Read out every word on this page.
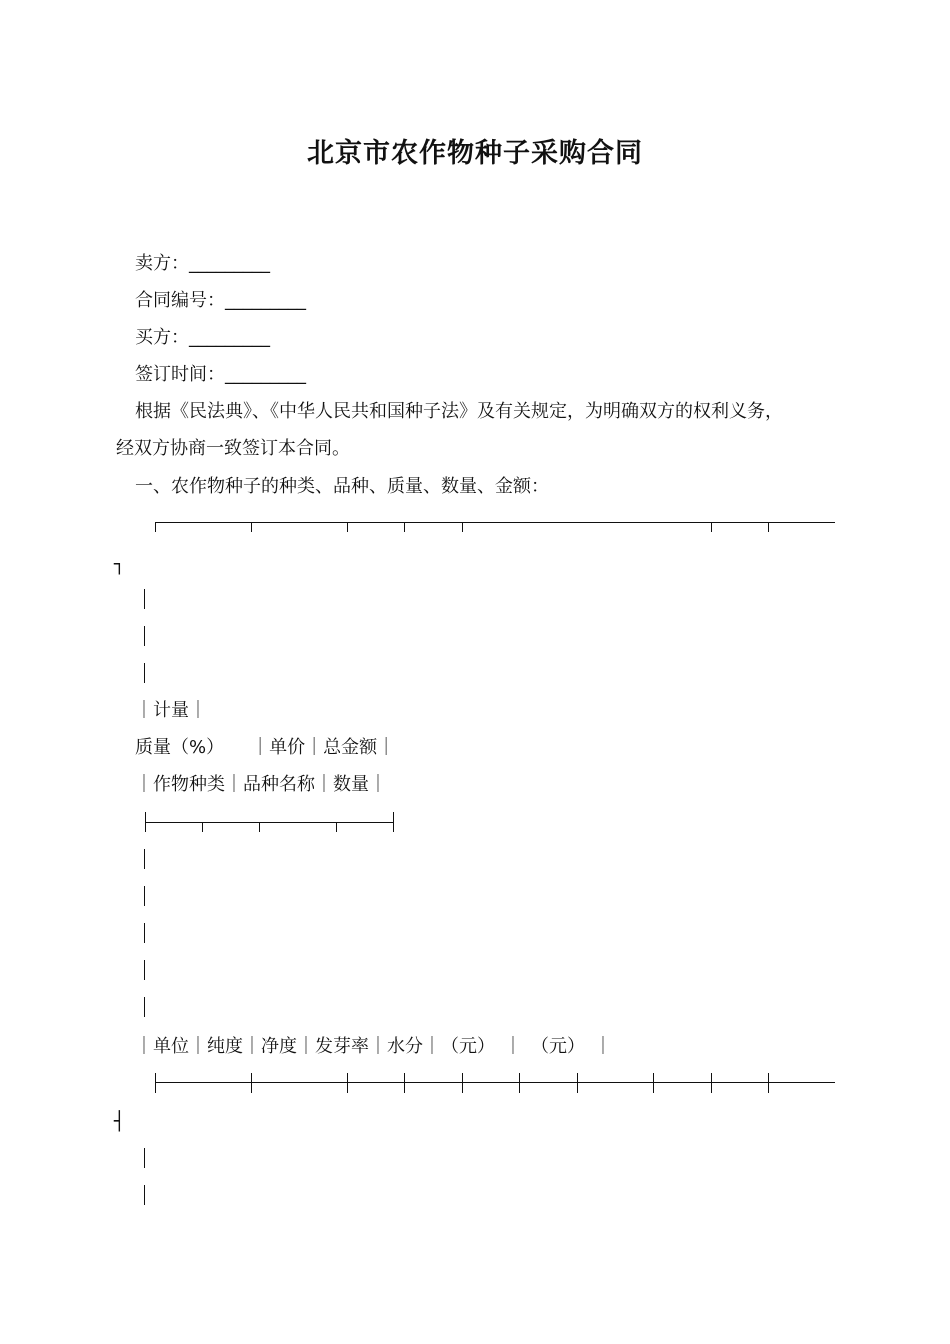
北京市农作物种子采购合同

卖方：_________

合同编号：_________

买方：_________

签订时间：_________

根据《民法典》、《中华人民共和国种子法》及有关规定，为明确双方的权利义务，

经双方协商一致签订本合同。

一、农作物种子的种类、品种、质量、数量、金额：

┐

｜计量｜

质量（%）　　｜单价｜总金额｜

｜作物种类｜品种名称｜数量｜

｜单位｜纯度｜净度｜发芽率｜水分｜（元）　｜　（元）　｜

┤
